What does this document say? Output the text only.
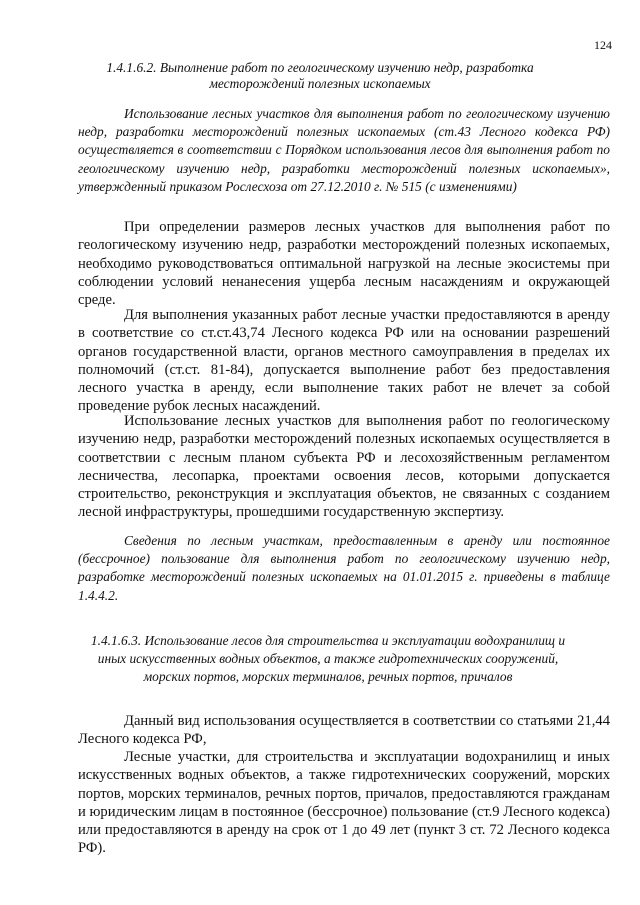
124
1.4.1.6.2. Выполнение работ по геологическому изучению недр, разработка месторождений полезных ископаемых

Использование лесных участков для выполнения работ по геологическому изучению недр, разработки месторождений полезных ископаемых (ст.43 Лесного кодекса РФ) осуществляется в соответствии с Порядком использования лесов для выполнения работ по геологическому изучению недр, разработки месторождений полезных ископаемых», утвержденный приказом Рослесхоза от 27.12.2010 г. № 515 (с изменениями)

При определении размеров лесных участков для выполнения работ по геологическому изучению недр, разработки месторождений полезных ископаемых, необходимо руководствоваться оптимальной нагрузкой на лесные экосистемы при соблюдении условий ненанесения ущерба лесным насаждениям и окружающей среде.

Для выполнения указанных работ лесные участки предоставляются в аренду в соответствие со ст.ст.43,74 Лесного кодекса РФ или на основании разрешений органов государственной власти, органов местного самоуправления в пределах их полномочий (ст.ст. 81-84), допускается выполнение работ без предоставления лесного участка в аренду, если выполнение таких работ не влечет за собой проведение рубок лесных насаждений.

Использование лесных участков для выполнения работ по геологическому изучению недр, разработки месторождений полезных ископаемых осуществляется в соответствии с лесным планом субъекта РФ и лесохозяйственным регламентом лесничества, лесопарка, проектами освоения лесов, которыми допускается строительство, реконструкция и эксплуатация объектов, не связанных с созданием лесной инфраструктуры, прошедшими государственную экспертизу.

Сведения по лесным участкам, предоставленным в аренду или постоянное (бессрочное) пользование для выполнения работ по геологическому изучению недр, разработке месторождений полезных ископаемых на 01.01.2015 г. приведены в таблице 1.4.4.2.

1.4.1.6.3. Использование лесов для строительства и эксплуатации водохранилищ и иных искусственных водных объектов, а также гидротехнических сооружений, морских портов, морских терминалов, речных портов, причалов

Данный вид использования осуществляется в соответствии со статьями 21,44 Лесного кодекса РФ,

Лесные участки, для строительства и эксплуатации водохранилищ и иных искусственных водных объектов, а также гидротехнических сооружений, морских портов, морских терминалов, речных портов, причалов, предоставляются гражданам и юридическим лицам в постоянное (бессрочное) пользование (ст.9 Лесного кодекса) или предоставляются в аренду на срок от 1 до 49 лет (пункт 3 ст. 72 Лесного кодекса РФ).
